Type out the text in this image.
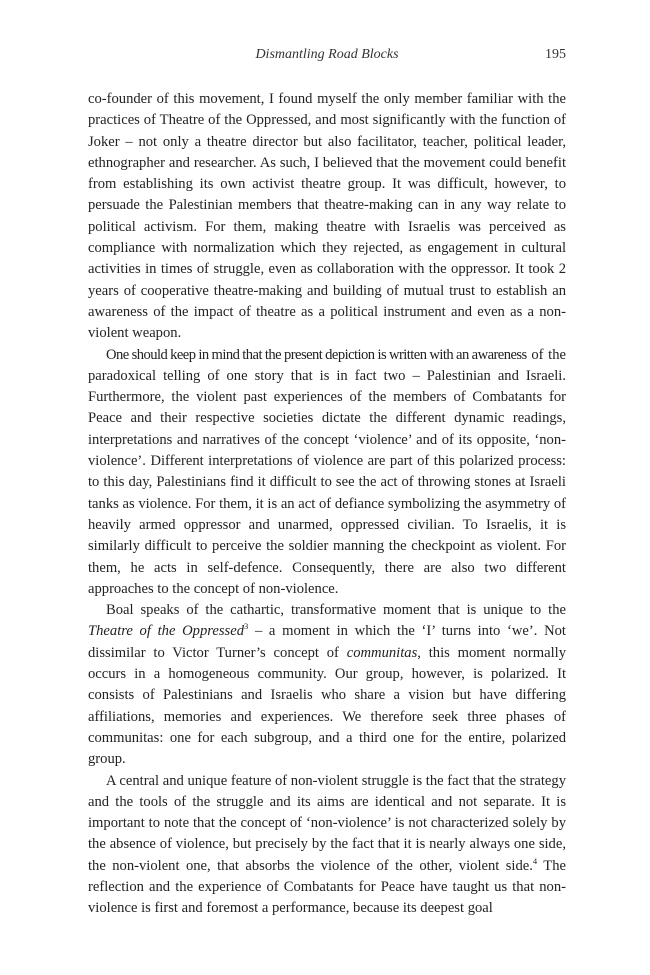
Dismantling Road Blocks	195

co-founder of this movement, I found myself the only member familiar with the practices of Theatre of the Oppressed, and most significantly with the function of Joker – not only a theatre director but also facilitator, teacher, political leader, ethnographer and researcher. As such, I believed that the movement could benefit from establishing its own activist theatre group. It was difficult, however, to persuade the Palestinian members that theatre-making can in any way relate to political activism. For them, making theatre with Israelis was perceived as compliance with normalization which they rejected, as engagement in cultural activities in times of struggle, even as collaboration with the oppressor. It took 2 years of cooperative theatre-making and building of mutual trust to establish an awareness of the impact of theatre as a political instrument and even as a non-violent weapon.

One should keep in mind that the present depiction is written with an awareness of the paradoxical telling of one story that is in fact two – Palestinian and Israeli. Furthermore, the violent past experiences of the members of Combatants for Peace and their respective societies dictate the different dynamic readings, interpretations and narratives of the concept ‘violence’ and of its opposite, ‘non-violence’. Different interpretations of violence are part of this polarized process: to this day, Palestinians find it difficult to see the act of throwing stones at Israeli tanks as violence. For them, it is an act of defiance symbolizing the asymmetry of heavily armed oppressor and unarmed, oppressed civilian. To Israelis, it is similarly difficult to perceive the soldier manning the checkpoint as violent. For them, he acts in self-defence. Consequently, there are also two different approaches to the concept of non-violence.

Boal speaks of the cathartic, transformative moment that is unique to the Theatre of the Oppressed$^3$ – a moment in which the ‘I’ turns into ‘we’. Not dissimilar to Victor Turner’s concept of communitas, this moment normally occurs in a homogeneous community. Our group, however, is polarized. It consists of Palestinians and Israelis who share a vision but have differing affiliations, memories and experiences. We therefore seek three phases of communitas: one for each subgroup, and a third one for the entire, polarized group.

A central and unique feature of non-violent struggle is the fact that the strategy and the tools of the struggle and its aims are identical and not separate. It is important to note that the concept of ‘non-violence’ is not characterized solely by the absence of violence, but precisely by the fact that it is nearly always one side, the non-violent one, that absorbs the violence of the other, violent side.$^4$ The reflection and the experience of Combatants for Peace have taught us that non-violence is first and foremost a performance, because its deepest goal
